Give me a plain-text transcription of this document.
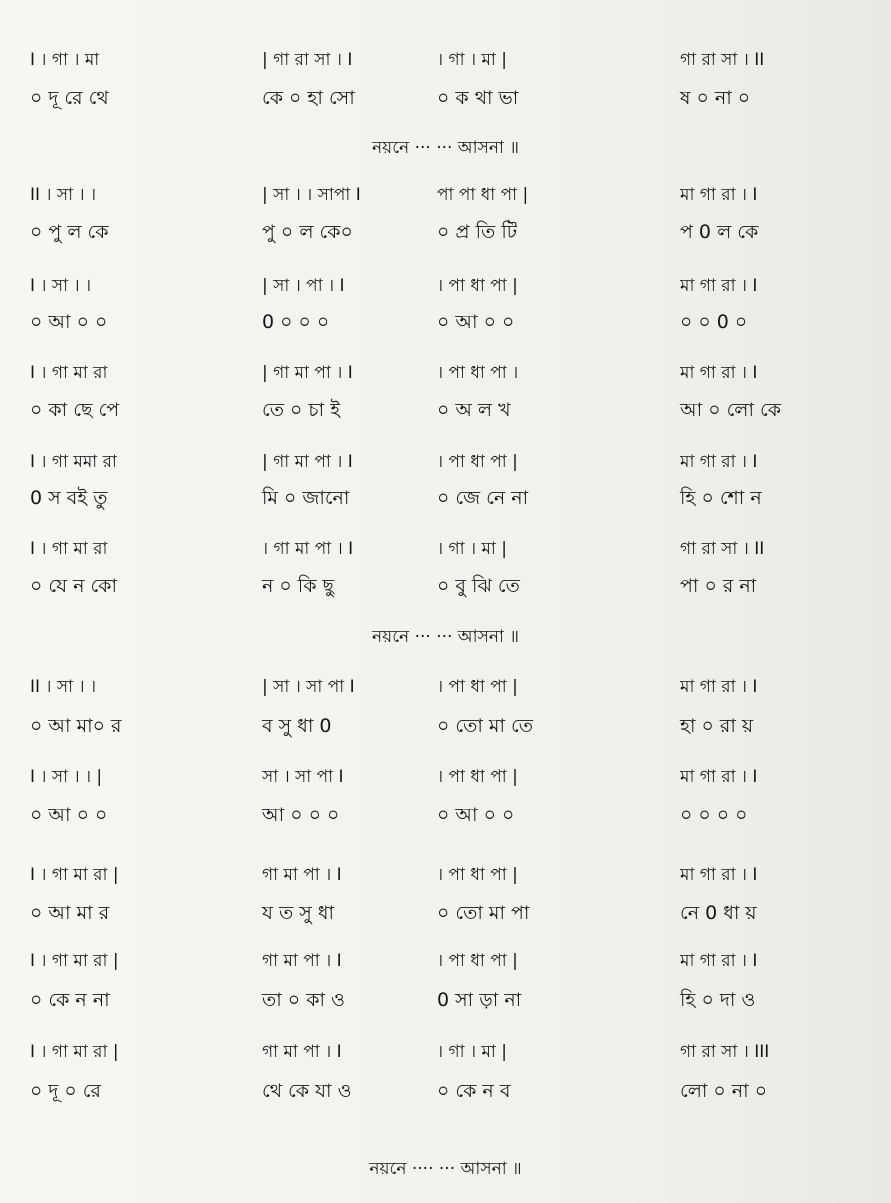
I । গা । মা	| গা রা সা । I	। গা । মা |	গা রা সা । II
০ দূ রে থে	কে ০ হা সো	০ ক থা ভা	ষ ০ না ০
নয়নে ··· ··· আসনা ॥
II । সা । ।	| সা । । সাপা I	পা পা ধা পা |	মা গা রা । I
০ পু ল কে	পু ০ ল কে০	০ প্র তি টি	প 0 ল কে
I । সা । ।	| সা । পা । I	। পা ধা পা |	মা গা রা । I
০ আ ০ ০	0 ০ ০ ০	০ আ ০ ০	০ ০ 0 ০
I । গা মা রা	| গা মা পা । I	। পা ধা পা ।	মা গা রা । I
০ কা ছে পে	তে ০ চা ই	০ অ ল খ	আ ০ লো কে
I । গা মমা রা	| গা মা পা । I	। পা ধা পা |	মা গা রা । I
0 স বই তু	মি ০ জানো	০ জে নে না	হি ০ শো ন
I । গা মা রা	। গা মা পা । I	। গা । মা |	গা রা সা । II
০ যে ন কো	ন ০ কি ছু	০ বু ঝি তে	পা ০ র না
নয়নে ··· ··· আসনা ॥
II । সা । ।	| সা । সা পা I	। পা ধা পা |	মা গা রা । I
০ আ মা০ র	ব সু ধা 0	০ তো মা তে	হা ০ রা য়
I । সা । । |	সা । সা পা I	। পা ধা পা |	মা গা রা । I
০ আ ০ ০	আ ০ ০ ০	০ আ ০ ০	০ ০ ০ ০
I । গা মা রা |	গা মা পা । I	। পা ধা পা |	মা গা রা । I
০ আ মা র	য ত সু ধা	০ তো মা পা	নে 0 ধা য়
I । গা মা রা |	গা মা পা । I	। পা ধা পা |	মা গা রা । I
০ কে ন না	তা ০ কা ও	0 সা ড়া না	হি ০ দা ও
I । গা মা রা |	গা মা পা । I	। গা । মা |	গা রা সা । III
০ দূ ০ রে	থে কে যা ও	০ কে ন ব	লো ০ না ০
নয়নে ···· ··· আসনা ॥
